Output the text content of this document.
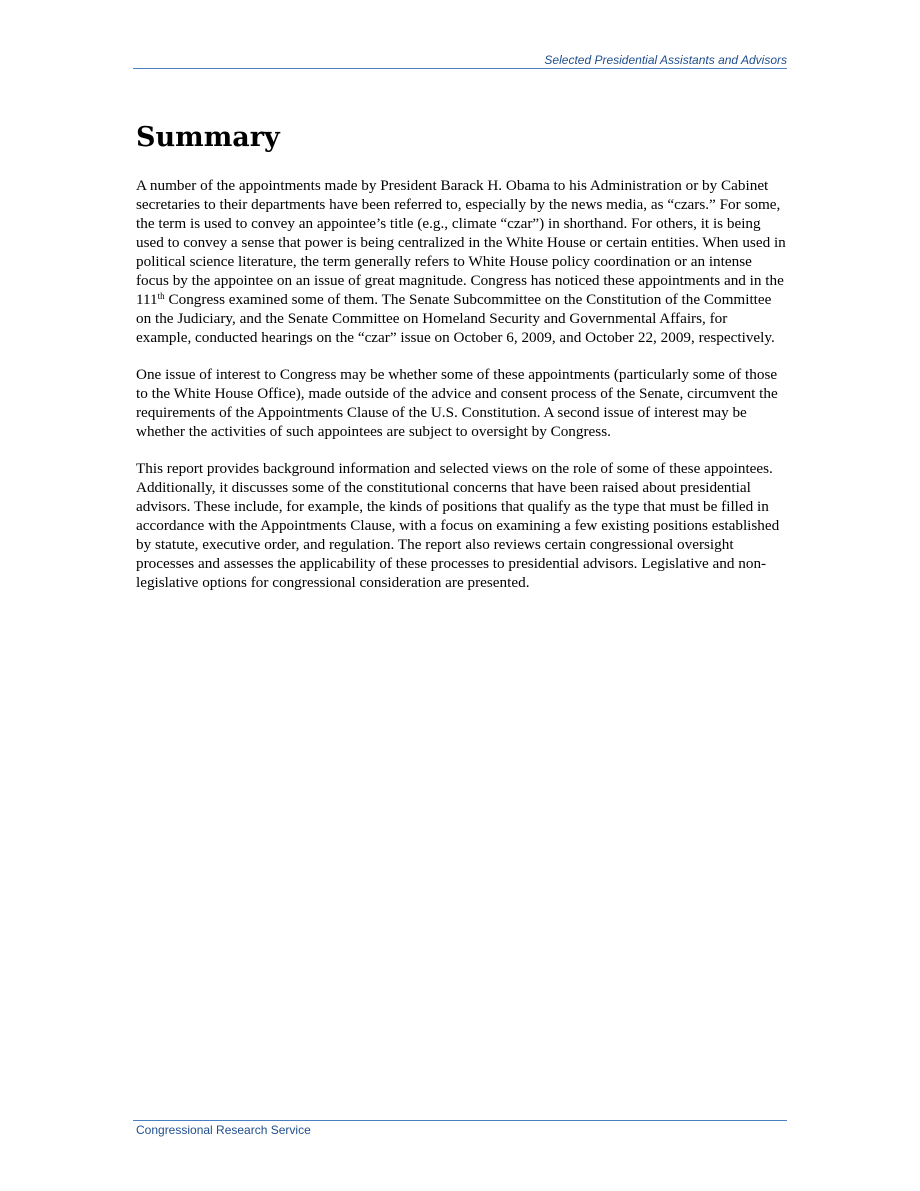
Selected Presidential Assistants and Advisors
Summary

A number of the appointments made by President Barack H. Obama to his Administration or by Cabinet secretaries to their departments have been referred to, especially by the news media, as “czars.” For some, the term is used to convey an appointee’s title (e.g., climate “czar”) in shorthand. For others, it is being used to convey a sense that power is being centralized in the White House or certain entities. When used in political science literature, the term generally refers to White House policy coordination or an intense focus by the appointee on an issue of great magnitude. Congress has noticed these appointments and in the 111th Congress examined some of them. The Senate Subcommittee on the Constitution of the Committee on the Judiciary, and the Senate Committee on Homeland Security and Governmental Affairs, for example, conducted hearings on the “czar” issue on October 6, 2009, and October 22, 2009, respectively.

One issue of interest to Congress may be whether some of these appointments (particularly some of those to the White House Office), made outside of the advice and consent process of the Senate, circumvent the requirements of the Appointments Clause of the U.S. Constitution. A second issue of interest may be whether the activities of such appointees are subject to oversight by Congress.

This report provides background information and selected views on the role of some of these appointees. Additionally, it discusses some of the constitutional concerns that have been raised about presidential advisors. These include, for example, the kinds of positions that qualify as the type that must be filled in accordance with the Appointments Clause, with a focus on examining a few existing positions established by statute, executive order, and regulation. The report also reviews certain congressional oversight processes and assesses the applicability of these processes to presidential advisors. Legislative and non-legislative options for congressional consideration are presented.

Congressional Research Service
